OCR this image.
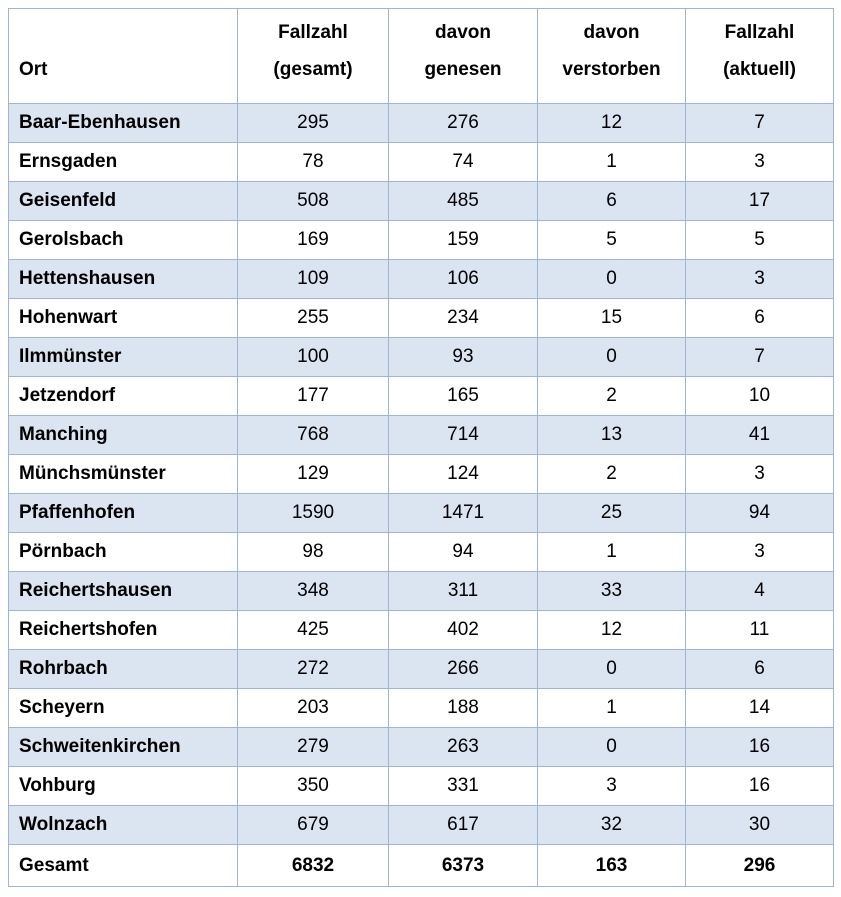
Ort

Fallzahl
(gesamt)

davon
genesen

davon
verstorben

Fallzahl
(aktuell)

Baar-Ebenhausen	295	276	12	7
Ernsgaden	78	74	1	3
Geisenfeld	508	485	6	17
Gerolsbach	169	159	5	5
Hettenshausen	109	106	0	3
Hohenwart	255	234	15	6
Ilmmünster	100	93	0	7
Jetzendorf	177	165	2	10
Manching	768	714	13	41
Münchsmünster	129	124	2	3
Pfaffenhofen	1590	1471	25	94
Pörnbach	98	94	1	3
Reichertshausen	348	311	33	4
Reichertshofen	425	402	12	11
Rohrbach	272	266	0	6
Scheyern	203	188	1	14
Schweitenkirchen	279	263	0	16
Vohburg	350	331	3	16
Wolnzach	679	617	32	30
Gesamt	6832	6373	163	296
